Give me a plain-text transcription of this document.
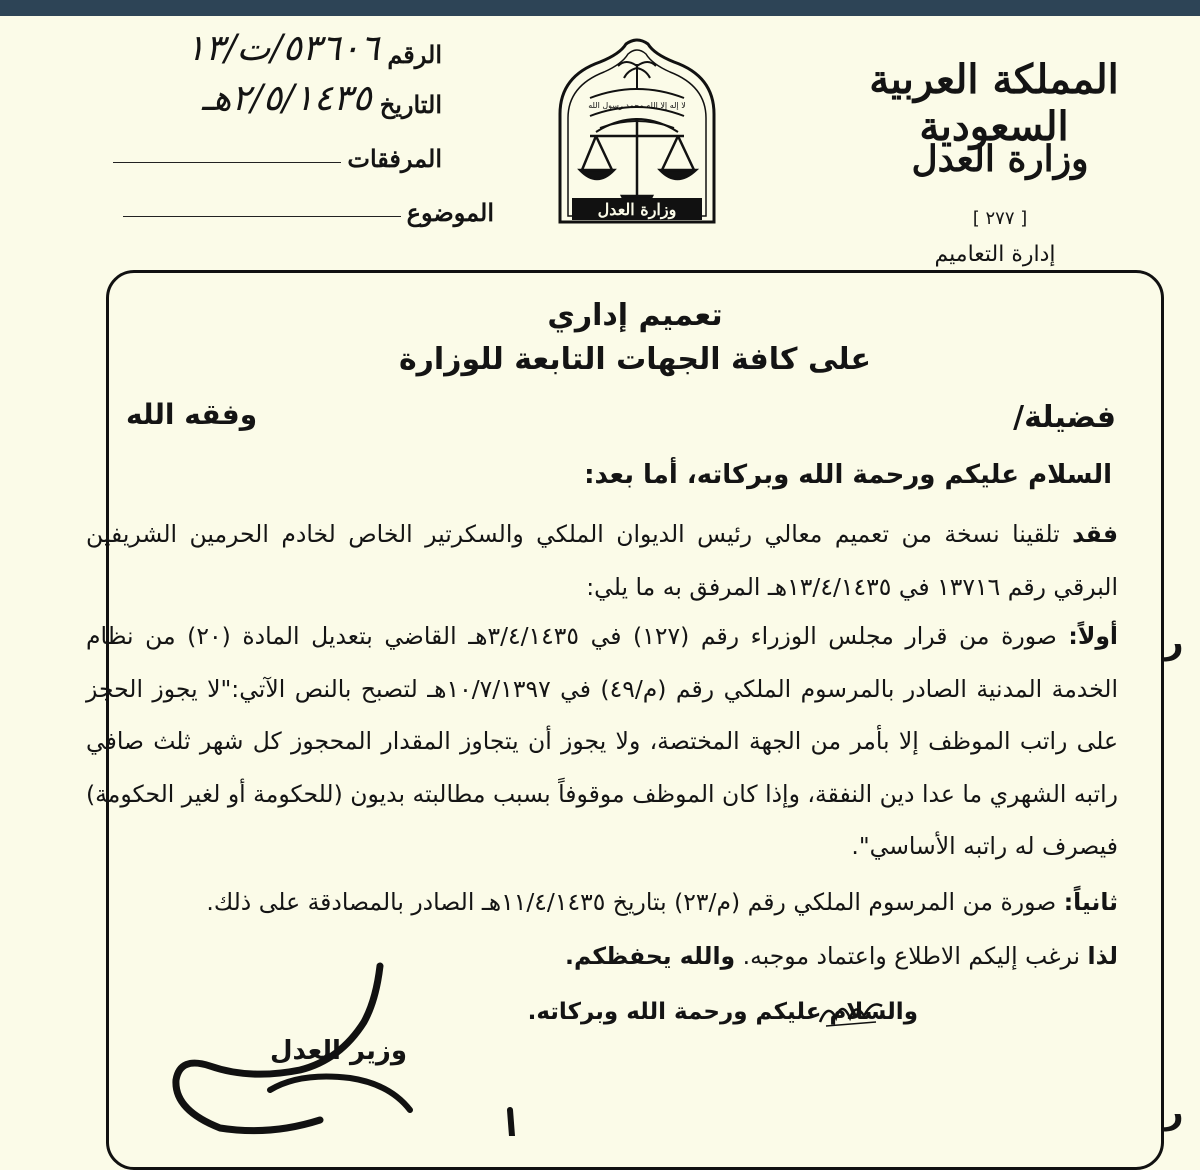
المملكة العربية السعودية
وزارة العدل
[ ٢٧٧ ]
إدارة التعاميم
لا إله إلا الله محمد رسول الله
وزارة العدل
الرقم
٥٣٦٠٦/ت/١٣
التاريخ
٢/٥/١٤٣٥هـ
المرفقات
الموضوع
تعميم إداري
على كافة الجهات التابعة للوزارة
فضيلة/
وفقه الله
السلام عليكم ورحمة الله وبركاته، أما بعد:
فقد تلقينا نسخة من تعميم معالي رئيس الديوان الملكي والسكرتير الخاص لخادم الحرمين الشريفين البرقي رقم ١٣٧١٦ في ١٣/٤/١٤٣٥هـ المرفق به ما يلي:
أولاً: صورة من قرار مجلس الوزراء رقم (١٢٧) في ٣/٤/١٤٣٥هـ القاضي بتعديل المادة (٢٠) من نظام الخدمة المدنية الصادر بالمرسوم الملكي رقم (م/٤٩) في ١٠/٧/١٣٩٧هـ لتصبح بالنص الآتي:"لا يجوز الحجز على راتب الموظف إلا بأمر من الجهة المختصة، ولا يجوز أن يتجاوز المقدار المحجوز كل شهر ثلث صافي راتبه الشهري ما عدا دين النفقة، وإذا كان الموظف موقوفاً بسبب مطالبته بديون (للحكومة أو لغير الحكومة) فيصرف له راتبه الأساسي".
ثانياً: صورة من المرسوم الملكي رقم (م/٢٣) بتاريخ ١١/٤/١٤٣٥هـ الصادر بالمصادقة على ذلك.
لذا نرغب إليكم الاطلاع واعتماد موجبه. والله يحفظكم.
والسلام عليكم ورحمة الله وبركاته.
وزير العدل
ر
ر
